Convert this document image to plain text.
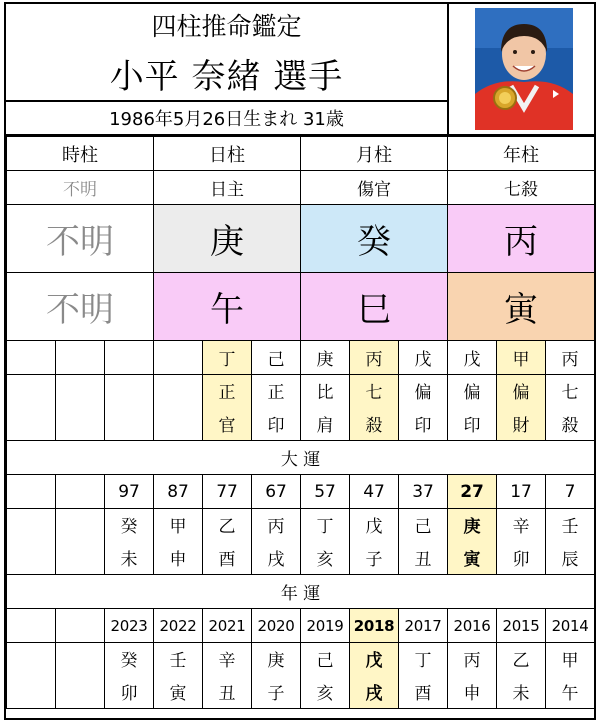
四柱推命鑑定
小平 奈緒 選手
1986年5月26日生まれ 31歳
時柱			日柱			月柱			年柱		
不明			日主			傷官			七殺		
不明			庚			癸			丙		
不明			午			巳			寅		
				丁	己	庚	丙	戊	戊	甲	丙
				正	正	比	七	偏	偏	偏	七
				官	印	肩	殺	印	印	財	殺
大 運											
		97	87	77	67	57	47	37	27	17	7
		癸	甲	乙	丙	丁	戊	己	庚	辛	壬
		未	申	酉	戌	亥	子	丑	寅	卯	辰
年 運											
		2023	2022	2021	2020	2019	2018	2017	2016	2015	2014
		癸	壬	辛	庚	己	戊	丁	丙	乙	甲
		卯	寅	丑	子	亥	戌	酉	申	未	午
